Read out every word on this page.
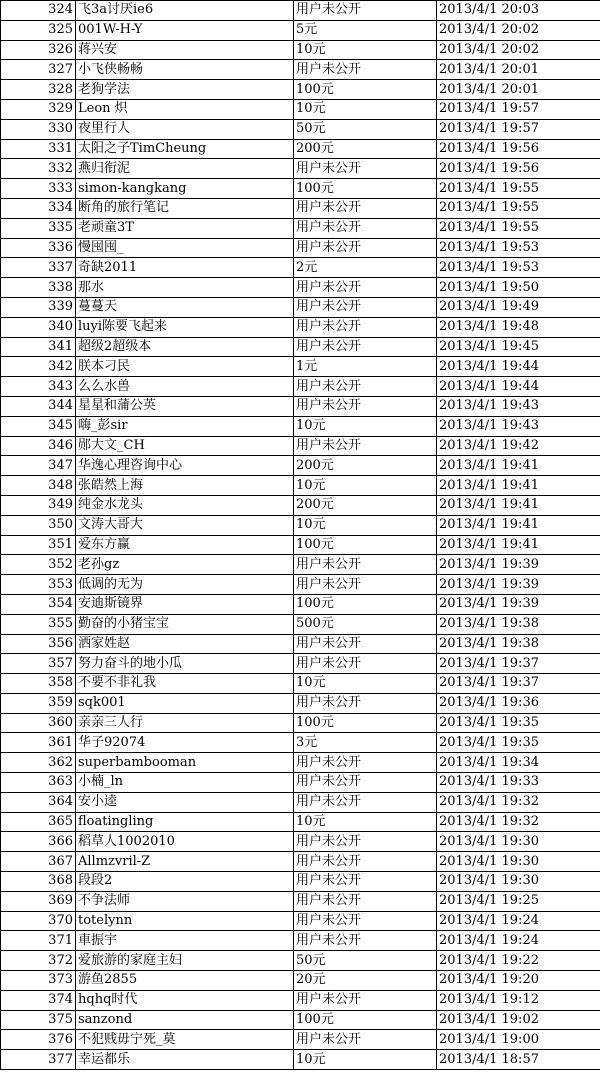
324	飞3a讨厌ie6	用户未公开	2013/4/1 20:03
325	001W-H-Y	5元	2013/4/1 20:02
326	蒋兴安	10元	2013/4/1 20:02
327	小飞侠畅畅	用户未公开	2013/4/1 20:01
328	老狗学法	100元	2013/4/1 20:01
329	Leon 炽	10元	2013/4/1 19:57
330	夜里行人	50元	2013/4/1 19:57
331	太阳之子TimCheung	200元	2013/4/1 19:56
332	燕归衔泥	用户未公开	2013/4/1 19:56
333	simon-kangkang	100元	2013/4/1 19:55
334	断角的旅行笔记	用户未公开	2013/4/1 19:55
335	老顽童3T	用户未公开	2013/4/1 19:55
336	慢囤囤_	用户未公开	2013/4/1 19:53
337	奇缺2011	2元	2013/4/1 19:53
338	那水	用户未公开	2013/4/1 19:50
339	蔓蔓天	用户未公开	2013/4/1 19:49
340	luyi陈要飞起来	用户未公开	2013/4/1 19:48
341	超级2超级本	用户未公开	2013/4/1 19:45
342	朕本刁民	1元	2013/4/1 19:44
343	么么水兽	用户未公开	2013/4/1 19:44
344	星星和蒲公英	用户未公开	2013/4/1 19:43
345	嗨_彭sir	10元	2013/4/1 19:43
346	郧大文_CH	用户未公开	2013/4/1 19:42
347	华逸心理咨询中心	200元	2013/4/1 19:41
348	张皓然上海	10元	2013/4/1 19:41
349	纯金水龙头	200元	2013/4/1 19:41
350	文涛大哥大	10元	2013/4/1 19:41
351	爱东方赢	100元	2013/4/1 19:41
352	老孙gz	用户未公开	2013/4/1 19:39
353	低调的无为	用户未公开	2013/4/1 19:39
354	安迪斯镜界	100元	2013/4/1 19:39
355	勤奋的小猪宝宝	500元	2013/4/1 19:38
356	洒家姓赵	用户未公开	2013/4/1 19:38
357	努力奋斗的地小瓜	用户未公开	2013/4/1 19:37
358	不要不非礼我	10元	2013/4/1 19:37
359	sqk001	用户未公开	2013/4/1 19:36
360	亲亲三人行	100元	2013/4/1 19:35
361	华子92074	3元	2013/4/1 19:35
362	superbambooman	用户未公开	2013/4/1 19:34
363	小楠_ln	用户未公开	2013/4/1 19:33
364	安小逵	用户未公开	2013/4/1 19:32
365	floatingling	10元	2013/4/1 19:32
366	稻草人1002010	用户未公开	2013/4/1 19:30
367	Allmzvril-Z	用户未公开	2013/4/1 19:30
368	段段2	用户未公开	2013/4/1 19:30
369	不争法师	用户未公开	2013/4/1 19:25
370	totelynn	用户未公开	2013/4/1 19:24
371	車振宇	用户未公开	2013/4/1 19:24
372	爱旅游的家庭主妇	50元	2013/4/1 19:22
373	游鱼2855	20元	2013/4/1 19:20
374	hqhq时代	用户未公开	2013/4/1 19:12
375	sanzond	100元	2013/4/1 19:02
376	不犯贱毋宁死_莫	用户未公开	2013/4/1 19:00
377	幸运都乐	10元	2013/4/1 18:57
